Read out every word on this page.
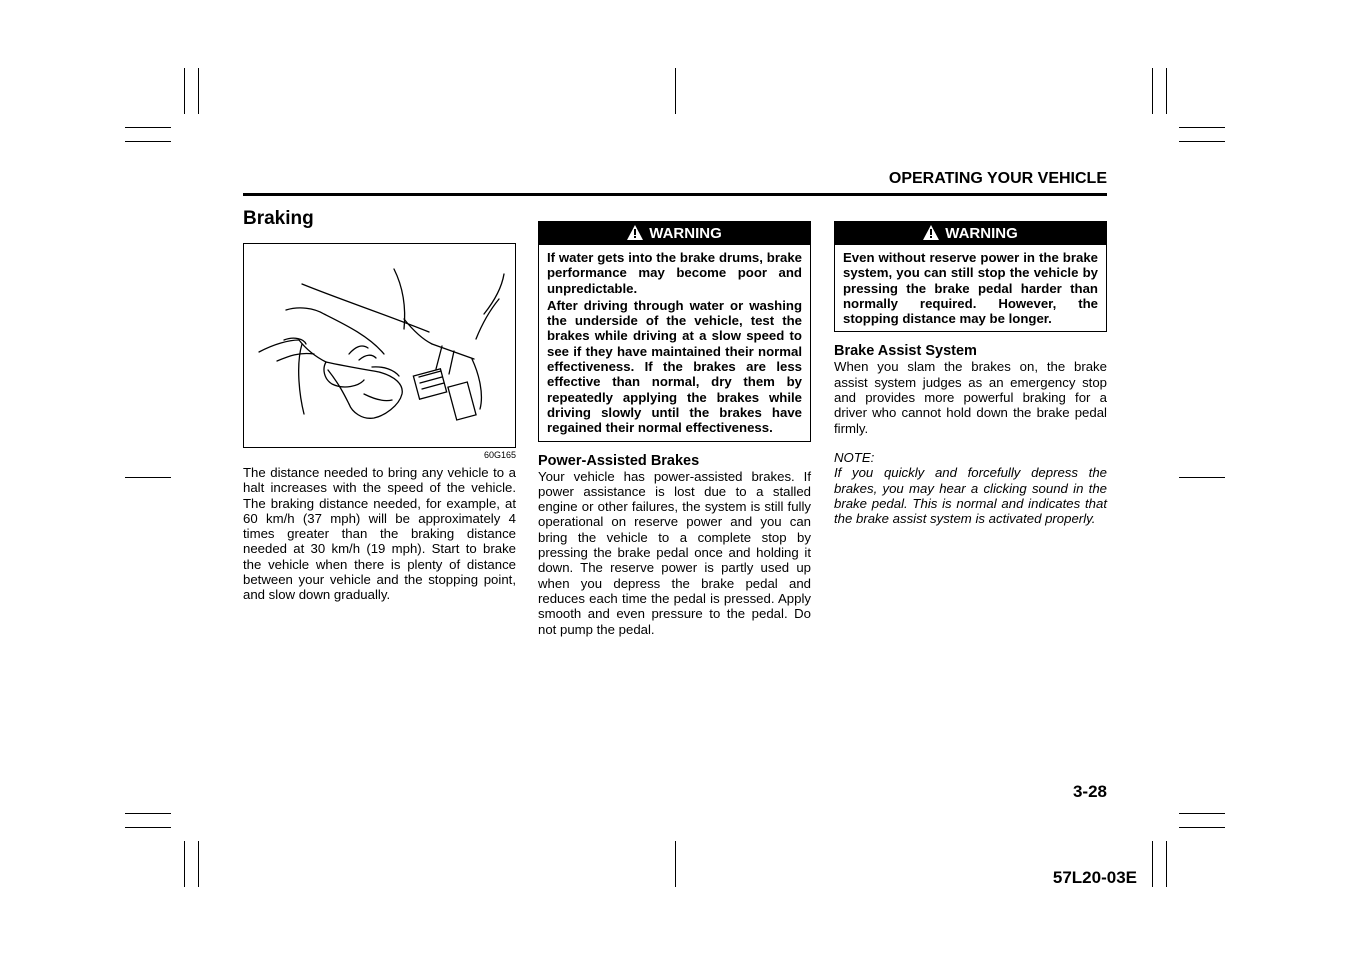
OPERATING YOUR VEHICLE
Braking
60G165

The distance needed to bring any vehicle to a halt increases with the speed of the vehicle. The braking distance needed, for example, at 60 km/h (37 mph) will be approximately 4 times greater than the braking distance needed at 30 km/h (19 mph). Start to brake the vehicle when there is plenty of distance between your vehicle and the stopping point, and slow down gradually.

WARNING

If water gets into the brake drums, brake performance may become poor and unpredictable.

After driving through water or washing the underside of the vehicle, test the brakes while driving at a slow speed to see if they have maintained their normal effectiveness. If the brakes are less effective than normal, dry them by repeatedly applying the brakes while driving slowly until the brakes have regained their normal effectiveness.

Power-Assisted Brakes

Your vehicle has power-assisted brakes. If power assistance is lost due to a stalled engine or other failures, the system is still fully operational on reserve power and you can bring the vehicle to a complete stop by pressing the brake pedal once and holding it down. The reserve power is partly used up when you depress the brake pedal and reduces each time the pedal is pressed. Apply smooth and even pressure to the pedal. Do not pump the pedal.

WARNING

Even without reserve power in the brake system, you can still stop the vehicle by pressing the brake pedal harder than normally required. However, the stopping distance may be longer.

Brake Assist System

When you slam the brakes on, the brake assist system judges as an emergency stop and provides more powerful braking for a driver who cannot hold down the brake pedal firmly.

NOTE:

If you quickly and forcefully depress the brakes, you may hear a clicking sound in the brake pedal. This is normal and indicates that the brake assist system is activated properly.

3-28
57L20-03E
